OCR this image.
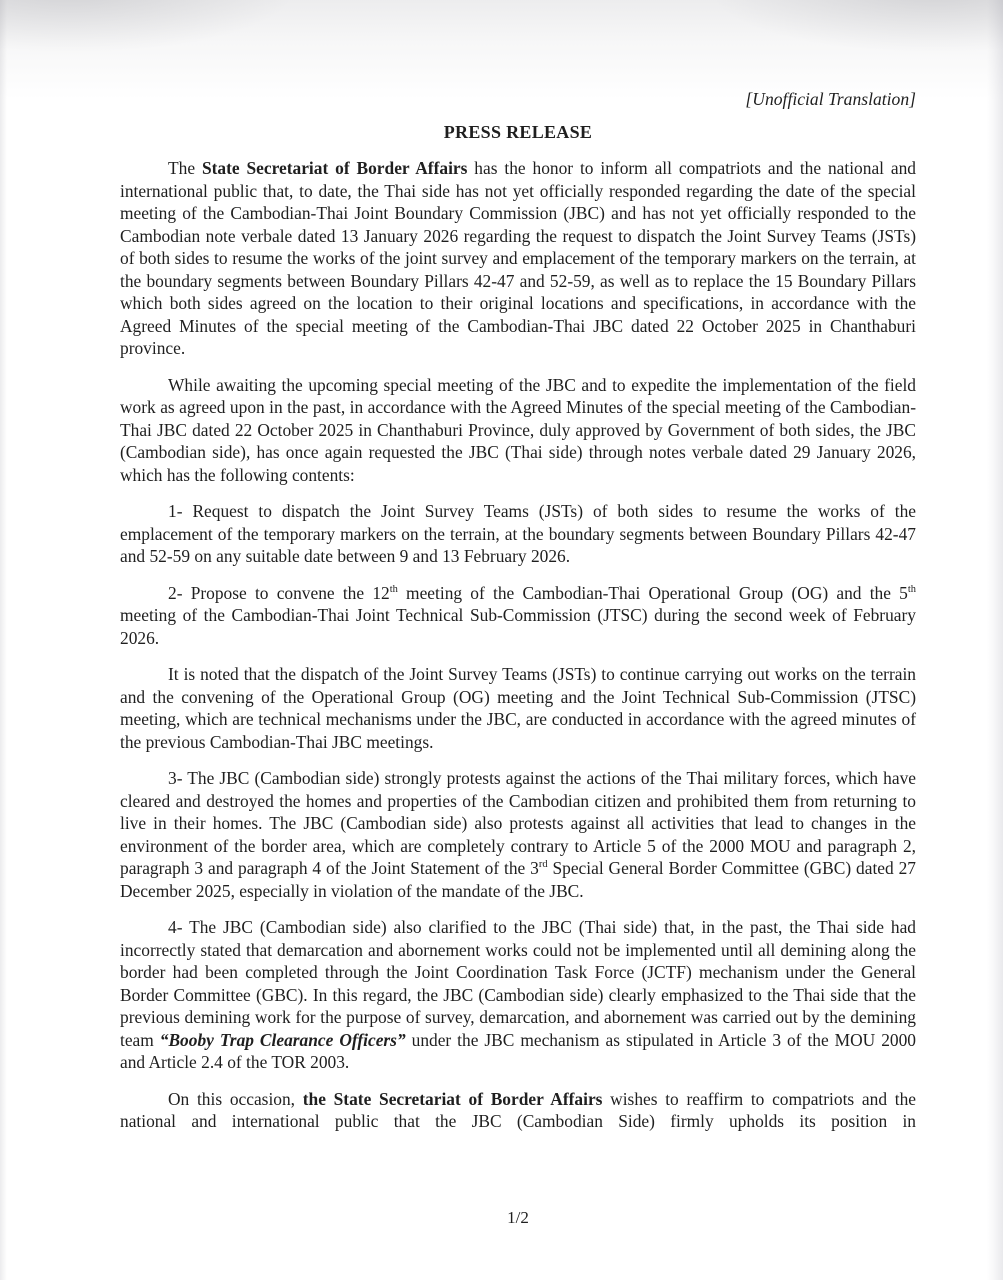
[Unofficial Translation]
PRESS RELEASE

The State Secretariat of Border Affairs has the honor to inform all compatriots and the national and international public that, to date, the Thai side has not yet officially responded regarding the date of the special meeting of the Cambodian-Thai Joint Boundary Commission (JBC) and has not yet officially responded to the Cambodian note verbale dated 13 January 2026 regarding the request to dispatch the Joint Survey Teams (JSTs) of both sides to resume the works of the joint survey and emplacement of the temporary markers on the terrain, at the boundary segments between Boundary Pillars 42-47 and 52-59, as well as to replace the 15 Boundary Pillars which both sides agreed on the location to their original locations and specifications, in accordance with the Agreed Minutes of the special meeting of the Cambodian-Thai JBC dated 22 October 2025 in Chanthaburi province.

While awaiting the upcoming special meeting of the JBC and to expedite the implementation of the field work as agreed upon in the past, in accordance with the Agreed Minutes of the special meeting of the Cambodian-Thai JBC dated 22 October 2025 in Chanthaburi Province, duly approved by Government of both sides, the JBC (Cambodian side), has once again requested the JBC (Thai side) through notes verbale dated 29 January 2026, which has the following contents:

1- Request to dispatch the Joint Survey Teams (JSTs) of both sides to resume the works of the emplacement of the temporary markers on the terrain, at the boundary segments between Boundary Pillars 42-47 and 52-59 on any suitable date between 9 and 13 February 2026.

2- Propose to convene the 12th meeting of the Cambodian-Thai Operational Group (OG) and the 5th meeting of the Cambodian-Thai Joint Technical Sub-Commission (JTSC) during the second week of February 2026.

It is noted that the dispatch of the Joint Survey Teams (JSTs) to continue carrying out works on the terrain and the convening of the Operational Group (OG) meeting and the Joint Technical Sub-Commission (JTSC) meeting, which are technical mechanisms under the JBC, are conducted in accordance with the agreed minutes of the previous Cambodian-Thai JBC meetings.

3- The JBC (Cambodian side) strongly protests against the actions of the Thai military forces, which have cleared and destroyed the homes and properties of the Cambodian citizen and prohibited them from returning to live in their homes. The JBC (Cambodian side) also protests against all activities that lead to changes in the environment of the border area, which are completely contrary to Article 5 of the 2000 MOU and paragraph 2, paragraph 3 and paragraph 4 of the Joint Statement of the 3rd Special General Border Committee (GBC) dated 27 December 2025, especially in violation of the mandate of the JBC.

4- The JBC (Cambodian side) also clarified to the JBC (Thai side) that, in the past, the Thai side had incorrectly stated that demarcation and abornement works could not be implemented until all demining along the border had been completed through the Joint Coordination Task Force (JCTF) mechanism under the General Border Committee (GBC). In this regard, the JBC (Cambodian side) clearly emphasized to the Thai side that the previous demining work for the purpose of survey, demarcation, and abornement was carried out by the demining team “Booby Trap Clearance Officers” under the JBC mechanism as stipulated in Article 3 of the MOU 2000 and Article 2.4 of the TOR 2003.

On this occasion, the State Secretariat of Border Affairs wishes to reaffirm to compatriots and the national and international public that the JBC (Cambodian Side) firmly upholds its position in

1/2
